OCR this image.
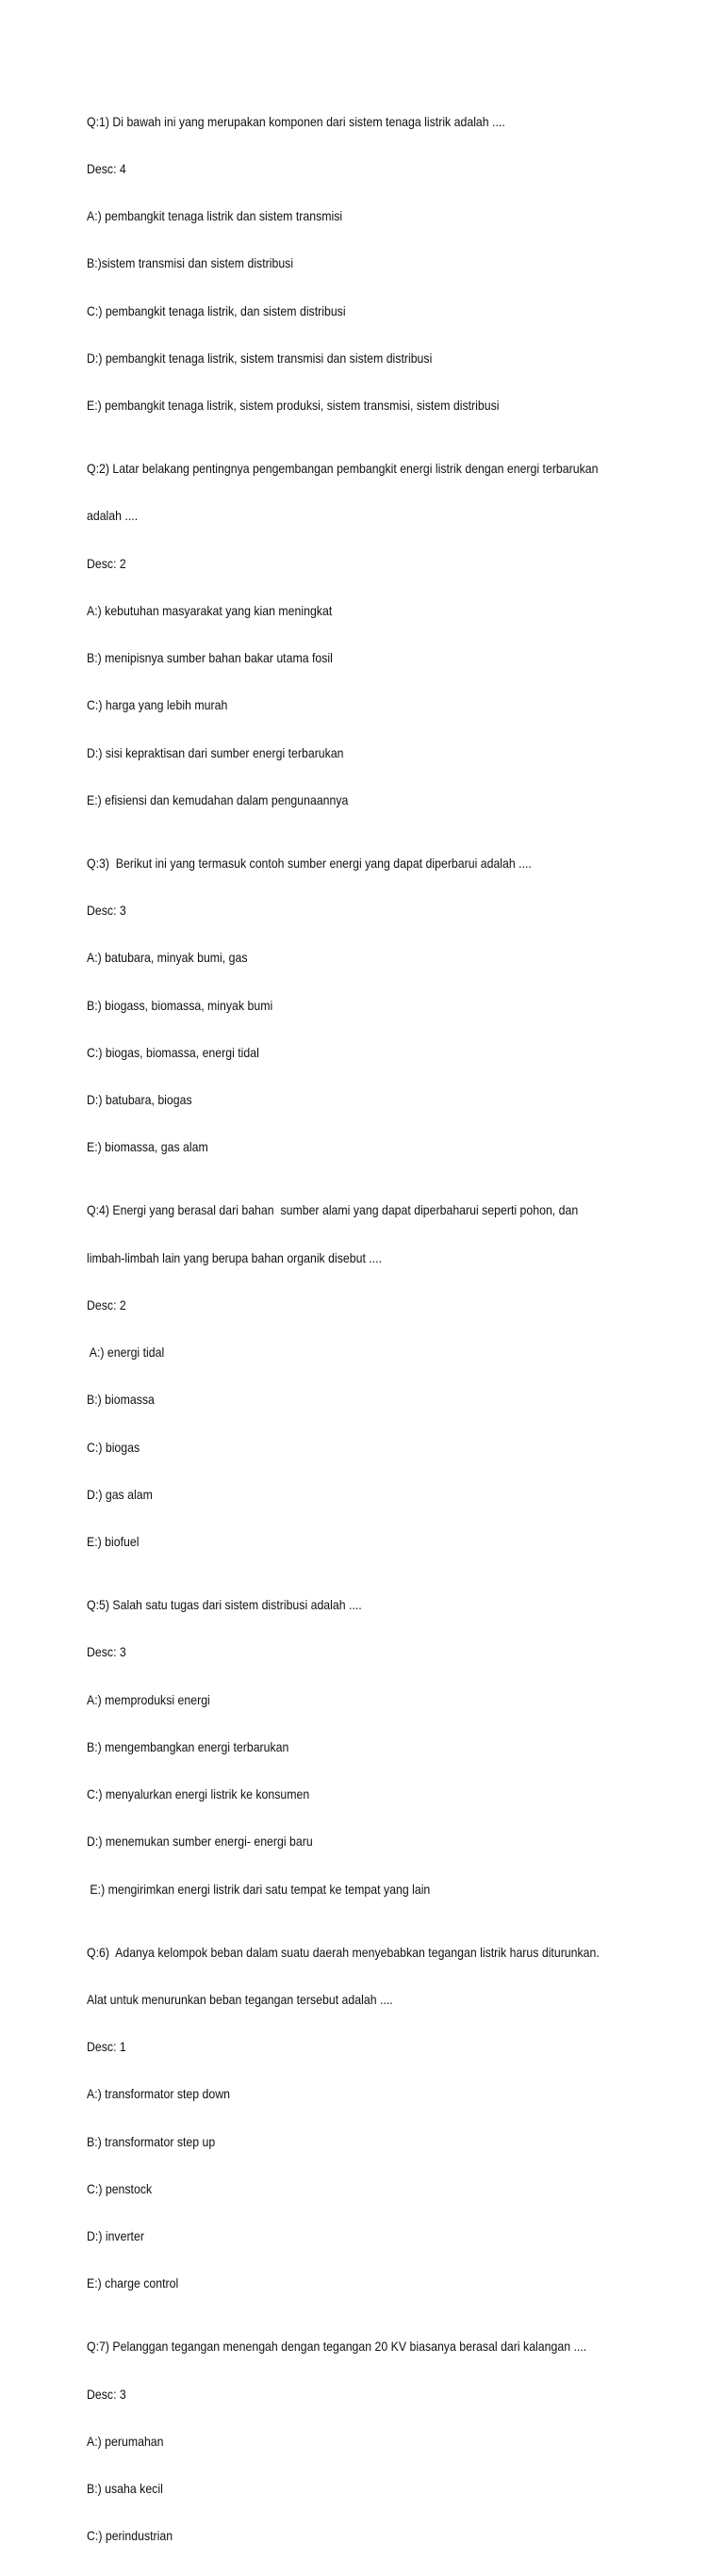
Q:1) Di bawah ini yang merupakan komponen dari sistem tenaga listrik adalah ....

Desc: 4

A:) pembangkit tenaga listrik dan sistem transmisi

B:)sistem transmisi dan sistem distribusi

C:) pembangkit tenaga listrik, dan sistem distribusi

D:) pembangkit tenaga listrik, sistem transmisi dan sistem distribusi

E:) pembangkit tenaga listrik, sistem produksi, sistem transmisi, sistem distribusi

Q:2) Latar belakang pentingnya pengembangan pembangkit energi listrik dengan energi terbarukan

adalah ....

Desc: 2

A:) kebutuhan masyarakat yang kian meningkat

B:) menipisnya sumber bahan bakar utama fosil

C:) harga yang lebih murah

D:) sisi kepraktisan dari sumber energi terbarukan

E:) efisiensi dan kemudahan dalam pengunaannya

Q:3)  Berikut ini yang termasuk contoh sumber energi yang dapat diperbarui adalah ....

Desc: 3

A:) batubara, minyak bumi, gas

B:) biogass, biomassa, minyak bumi

C:) biogas, biomassa, energi tidal

D:) batubara, biogas

E:) biomassa, gas alam

Q:4) Energi yang berasal dari bahan  sumber alami yang dapat diperbaharui seperti pohon, dan

limbah-limbah lain yang berupa bahan organik disebut ....

Desc: 2

A:) energi tidal

B:) biomassa

C:) biogas

D:) gas alam

E:) biofuel

Q:5) Salah satu tugas dari sistem distribusi adalah ....

Desc: 3

A:) memproduksi energi

B:) mengembangkan energi terbarukan

C:) menyalurkan energi listrik ke konsumen

D:) menemukan sumber energi- energi baru

E:) mengirimkan energi listrik dari satu tempat ke tempat yang lain

Q:6)  Adanya kelompok beban dalam suatu daerah menyebabkan tegangan listrik harus diturunkan.

Alat untuk menurunkan beban tegangan tersebut adalah ....

Desc: 1

A:) transformator step down

B:) transformator step up

C:) penstock

D:) inverter

E:) charge control

Q:7) Pelanggan tegangan menengah dengan tegangan 20 KV biasanya berasal dari kalangan ....

Desc: 3

A:) perumahan

B:) usaha kecil

C:) perindustrian
